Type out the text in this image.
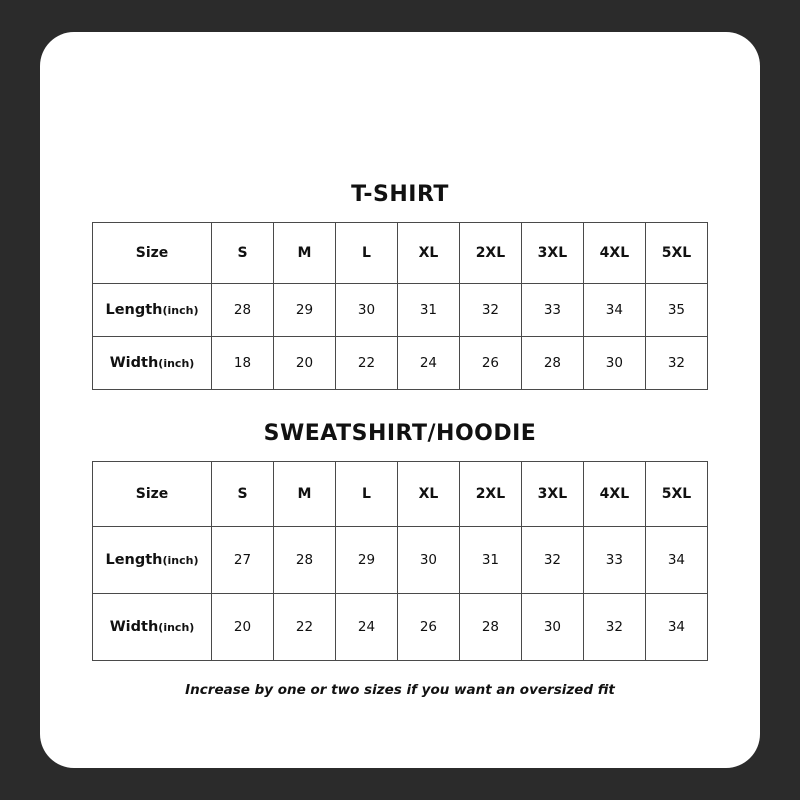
T-SHIRT
Size	S	M	L	XL	2XL	3XL	4XL	5XL
Length(inch)	28	29	30	31	32	33	34	35
Width(inch)	18	20	22	24	26	28	30	32
SWEATSHIRT/HOODIE
Size	S	M	L	XL	2XL	3XL	4XL	5XL
Length(inch)	27	28	29	30	31	32	33	34
Width(inch)	20	22	24	26	28	30	32	34
Increase by one or two sizes if you want an oversized fit
